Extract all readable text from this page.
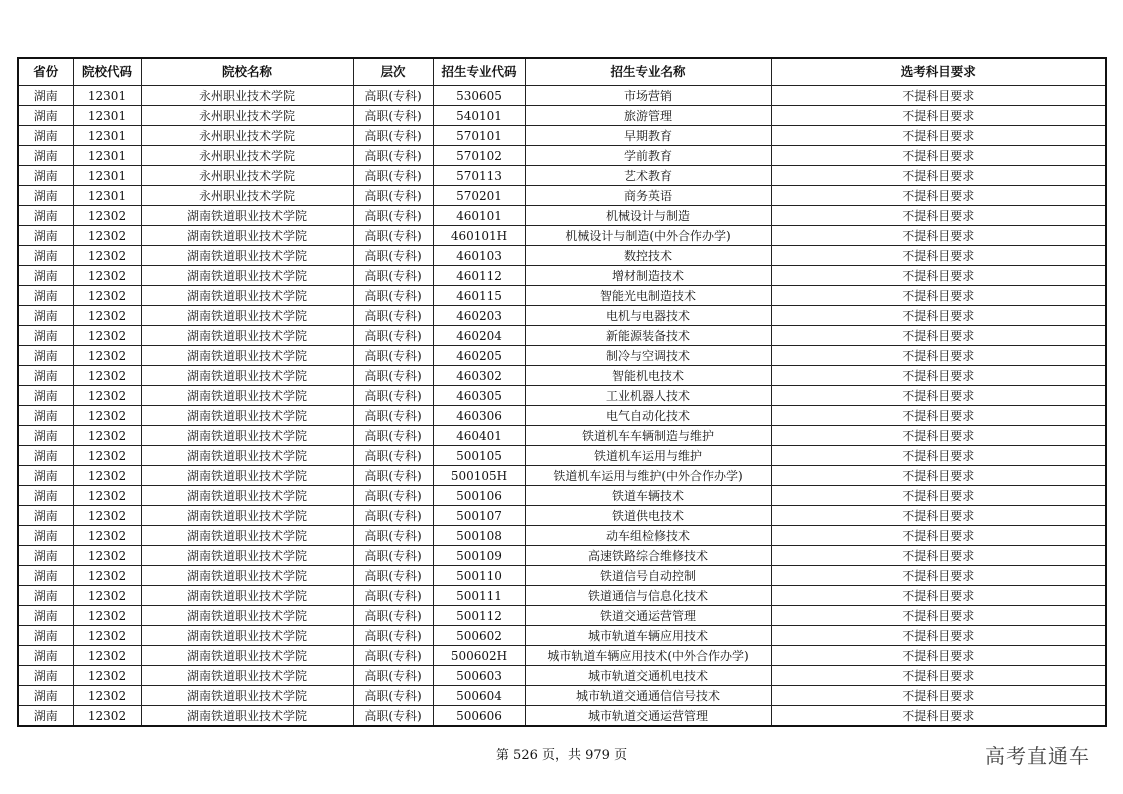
省份	院校代码	院校名称	层次	招生专业代码	招生专业名称	选考科目要求
湖南	12301	永州职业技术学院	高职(专科)	530605	市场营销	不提科目要求
湖南	12301	永州职业技术学院	高职(专科)	540101	旅游管理	不提科目要求
湖南	12301	永州职业技术学院	高职(专科)	570101	早期教育	不提科目要求
湖南	12301	永州职业技术学院	高职(专科)	570102	学前教育	不提科目要求
湖南	12301	永州职业技术学院	高职(专科)	570113	艺术教育	不提科目要求
湖南	12301	永州职业技术学院	高职(专科)	570201	商务英语	不提科目要求
湖南	12302	湖南铁道职业技术学院	高职(专科)	460101	机械设计与制造	不提科目要求
湖南	12302	湖南铁道职业技术学院	高职(专科)	460101H	机械设计与制造(中外合作办学)	不提科目要求
湖南	12302	湖南铁道职业技术学院	高职(专科)	460103	数控技术	不提科目要求
湖南	12302	湖南铁道职业技术学院	高职(专科)	460112	增材制造技术	不提科目要求
湖南	12302	湖南铁道职业技术学院	高职(专科)	460115	智能光电制造技术	不提科目要求
湖南	12302	湖南铁道职业技术学院	高职(专科)	460203	电机与电器技术	不提科目要求
湖南	12302	湖南铁道职业技术学院	高职(专科)	460204	新能源装备技术	不提科目要求
湖南	12302	湖南铁道职业技术学院	高职(专科)	460205	制冷与空调技术	不提科目要求
湖南	12302	湖南铁道职业技术学院	高职(专科)	460302	智能机电技术	不提科目要求
湖南	12302	湖南铁道职业技术学院	高职(专科)	460305	工业机器人技术	不提科目要求
湖南	12302	湖南铁道职业技术学院	高职(专科)	460306	电气自动化技术	不提科目要求
湖南	12302	湖南铁道职业技术学院	高职(专科)	460401	铁道机车车辆制造与维护	不提科目要求
湖南	12302	湖南铁道职业技术学院	高职(专科)	500105	铁道机车运用与维护	不提科目要求
湖南	12302	湖南铁道职业技术学院	高职(专科)	500105H	铁道机车运用与维护(中外合作办学)	不提科目要求
湖南	12302	湖南铁道职业技术学院	高职(专科)	500106	铁道车辆技术	不提科目要求
湖南	12302	湖南铁道职业技术学院	高职(专科)	500107	铁道供电技术	不提科目要求
湖南	12302	湖南铁道职业技术学院	高职(专科)	500108	动车组检修技术	不提科目要求
湖南	12302	湖南铁道职业技术学院	高职(专科)	500109	高速铁路综合维修技术	不提科目要求
湖南	12302	湖南铁道职业技术学院	高职(专科)	500110	铁道信号自动控制	不提科目要求
湖南	12302	湖南铁道职业技术学院	高职(专科)	500111	铁道通信与信息化技术	不提科目要求
湖南	12302	湖南铁道职业技术学院	高职(专科)	500112	铁道交通运营管理	不提科目要求
湖南	12302	湖南铁道职业技术学院	高职(专科)	500602	城市轨道车辆应用技术	不提科目要求
湖南	12302	湖南铁道职业技术学院	高职(专科)	500602H	城市轨道车辆应用技术(中外合作办学)	不提科目要求
湖南	12302	湖南铁道职业技术学院	高职(专科)	500603	城市轨道交通机电技术	不提科目要求
湖南	12302	湖南铁道职业技术学院	高职(专科)	500604	城市轨道交通通信信号技术	不提科目要求
湖南	12302	湖南铁道职业技术学院	高职(专科)	500606	城市轨道交通运营管理	不提科目要求
第 526 页，共 979 页	高考直通车
